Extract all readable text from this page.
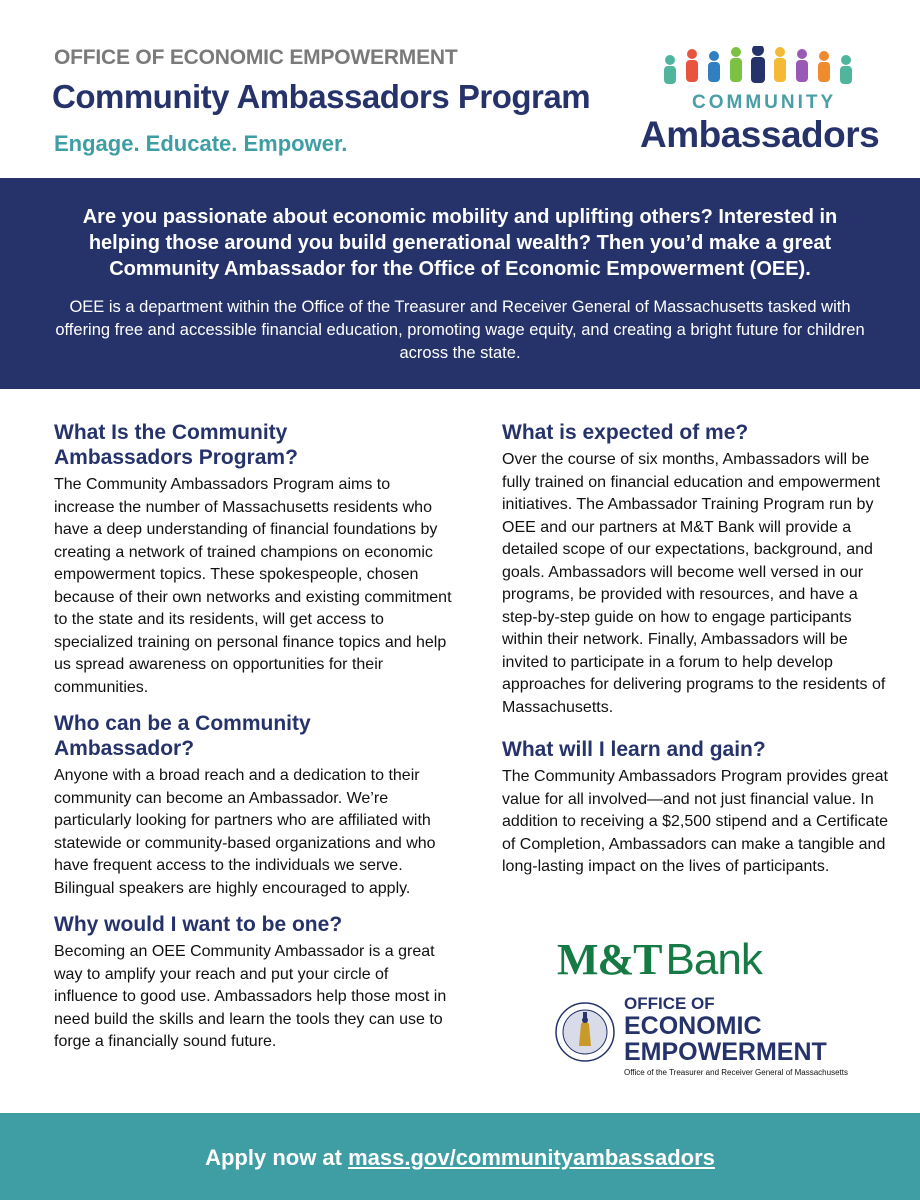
OFFICE OF ECONOMIC EMPOWERMENT
Community Ambassadors Program
Engage. Educate. Empower.
COMMUNITY
Ambassadors
Are you passionate about economic mobility and uplifting others? Interested in helping those around you build generational wealth? Then you’d make a great Community Ambassador for the Office of Economic Empowerment (OEE).
OEE is a department within the Office of the Treasurer and Receiver General of Massachusetts tasked with offering free and accessible financial education, promoting wage equity, and creating a bright future for children across the state.
What Is the Community Ambassadors Program?
The Community Ambassadors Program aims to increase the number of Massachusetts residents who have a deep understanding of financial foundations by creating a network of trained champions on economic empowerment topics. These spokespeople, chosen because of their own networks and existing commitment to the state and its residents, will get access to specialized training on personal finance topics and help us spread awareness on opportunities for their communities.
Who can be a Community Ambassador?
Anyone with a broad reach and a dedication to their community can become an Ambassador. We’re particularly looking for partners who are affiliated with statewide or community-based organizations and who have frequent access to the individuals we serve. Bilingual speakers are highly encouraged to apply.
Why would I want to be one?
Becoming an OEE Community Ambassador is a great way to amplify your reach and put your circle of influence to good use. Ambassadors help those most in need build the skills and learn the tools they can use to forge a financially sound future.
What is expected of me?
Over the course of six months, Ambassadors will be fully trained on financial education and empowerment initiatives. The Ambassador Training Program run by OEE and our partners at M&T Bank will provide a detailed scope of our expectations, background, and goals. Ambassadors will become well versed in our programs, be provided with resources, and have a step-by-step guide on how to engage participants within their network. Finally, Ambassadors will be invited to participate in a forum to help develop approaches for delivering programs to the residents of Massachusetts.
What will I learn and gain?
The Community Ambassadors Program provides great value for all involved—and not just financial value. In addition to receiving a $2,500 stipend and a Certificate of Completion, Ambassadors can make a tangible and long-lasting impact on the lives of participants.
M&TBank
OFFICE OF
ECONOMIC
EMPOWERMENT
Office of the Treasurer and Receiver General of Massachusetts
Apply now at mass.gov/communityambassadors
